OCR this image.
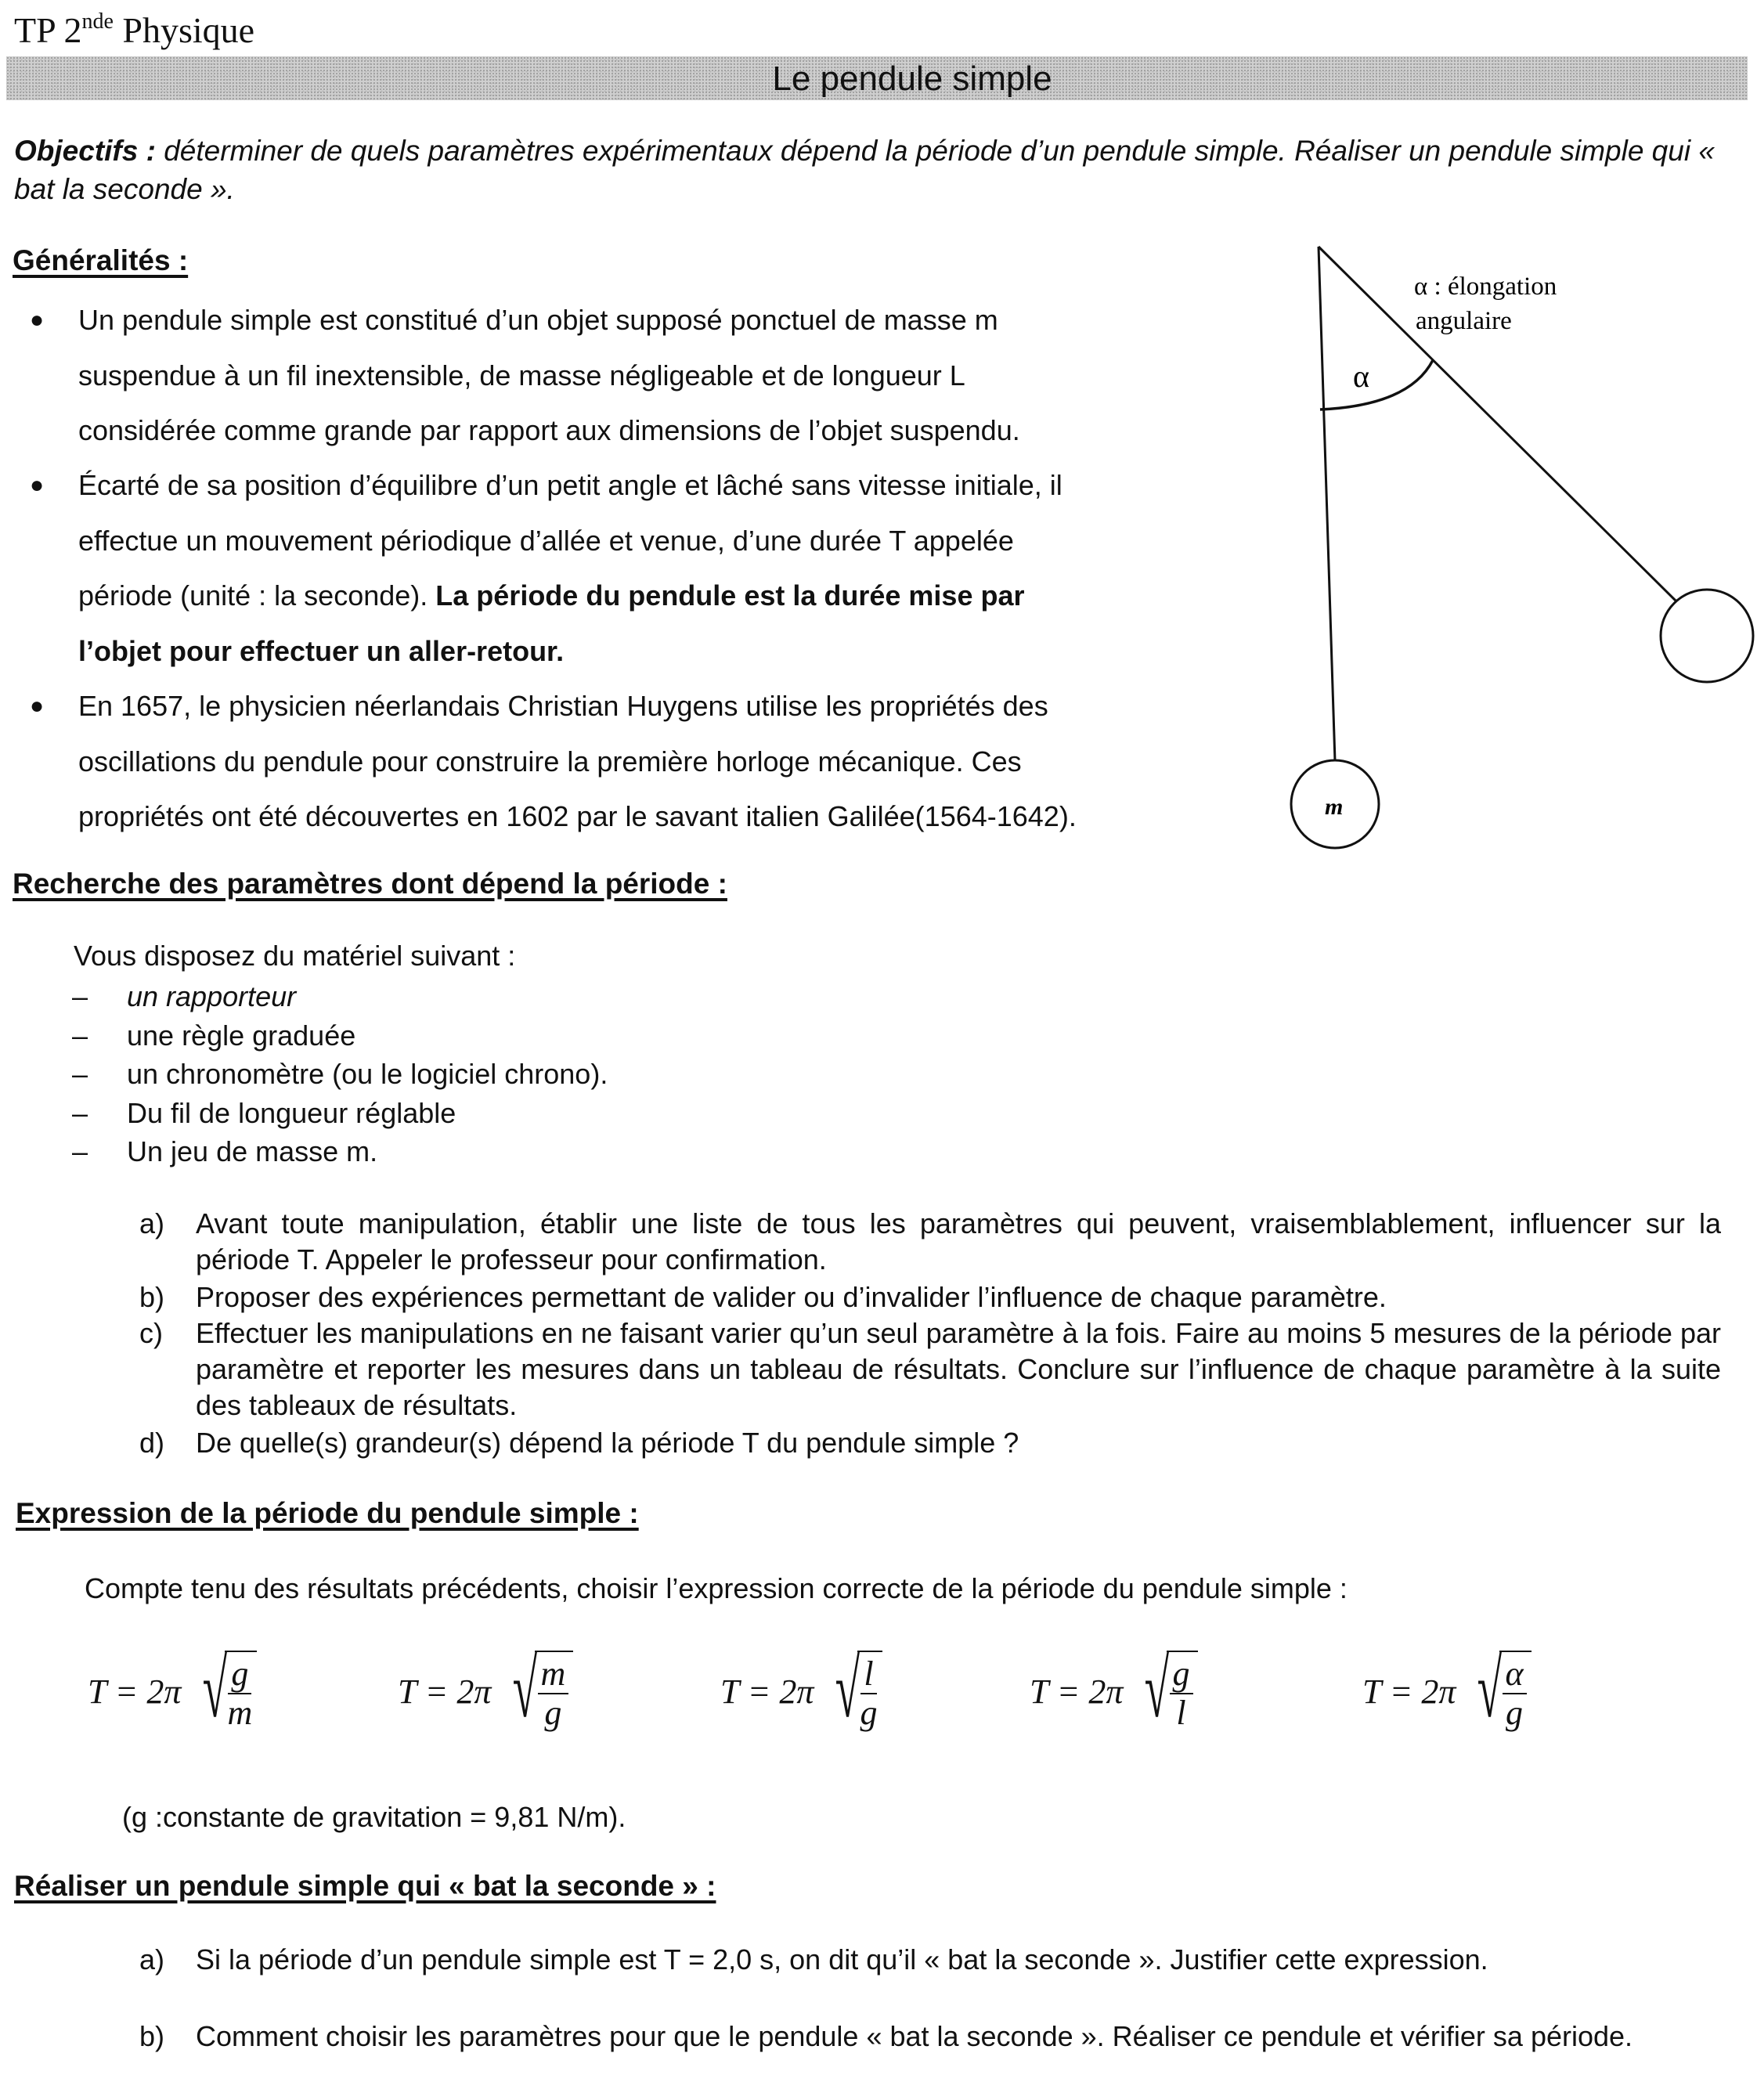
TP 2nde Physique
Le pendule simple
Objectifs : déterminer de quels paramètres expérimentaux dépend la période d’un pendule simple. Réaliser un pendule simple qui « bat la seconde ».
Généralités :
● Un pendule simple est constitué d’un objet supposé ponctuel de masse m
suspendue à un fil inextensible, de masse négligeable et de longueur L
considérée comme grande par rapport aux dimensions de l’objet suspendu.
● Écarté de sa position d’équilibre d’un petit angle et lâché sans vitesse initiale, il
effectue un mouvement périodique d’allée et venue, d’une durée T appelée
période (unité : la seconde). La période du pendule est la durée mise par
l’objet pour effectuer un aller-retour.
● En 1657, le physicien néerlandais Christian Huygens utilise les propriétés des
oscillations du pendule pour construire la première horloge mécanique. Ces
propriétés ont été découvertes en 1602 par le savant italien Galilée(1564-1642).
α
α : élongation
angulaire
m
Recherche des paramètres dont dépend la période :
Vous disposez du matériel suivant :
– un rapporteur
– une règle graduée
– un chronomètre (ou le logiciel chrono).
– Du fil de longueur réglable
– Un jeu de masse m.
a)	Avant toute manipulation, établir une liste de tous les paramètres qui peuvent, vraisemblablement, influencer sur la période T. Appeler le professeur pour confirmation.
b)	Proposer des expériences permettant de valider ou d’invalider l’influence de chaque paramètre.
c)	Effectuer les manipulations en ne faisant varier qu’un seul paramètre à la fois. Faire au moins 5 mesures de la période par paramètre et reporter les mesures dans un tableau de résultats. Conclure sur l’influence de chaque paramètre à la suite des tableaux de résultats.
d)	De quelle(s) grandeur(s) dépend la période T du pendule simple ?
Expression de la période du pendule simple :
Compte tenu des résultats précédents, choisir l’expression correcte de la période du pendule simple :
T = 2π √
$\frac{g}{m}$	T = 2π √
$\frac{m}{g}$	T = 2π √
$\frac{l}{g}$	T = 2π √
$\frac{g}{l}$	T = 2π √
$\frac{\alpha}{g}$
(g :constante de gravitation = 9,81 N/m).
Réaliser un pendule simple qui « bat la seconde » :
a)	Si la période d’un pendule simple est T = 2,0 s, on dit qu’il « bat la seconde ». Justifier cette expression.
b)	Comment choisir les paramètres pour que le pendule « bat la seconde ». Réaliser ce pendule et vérifier sa période.
